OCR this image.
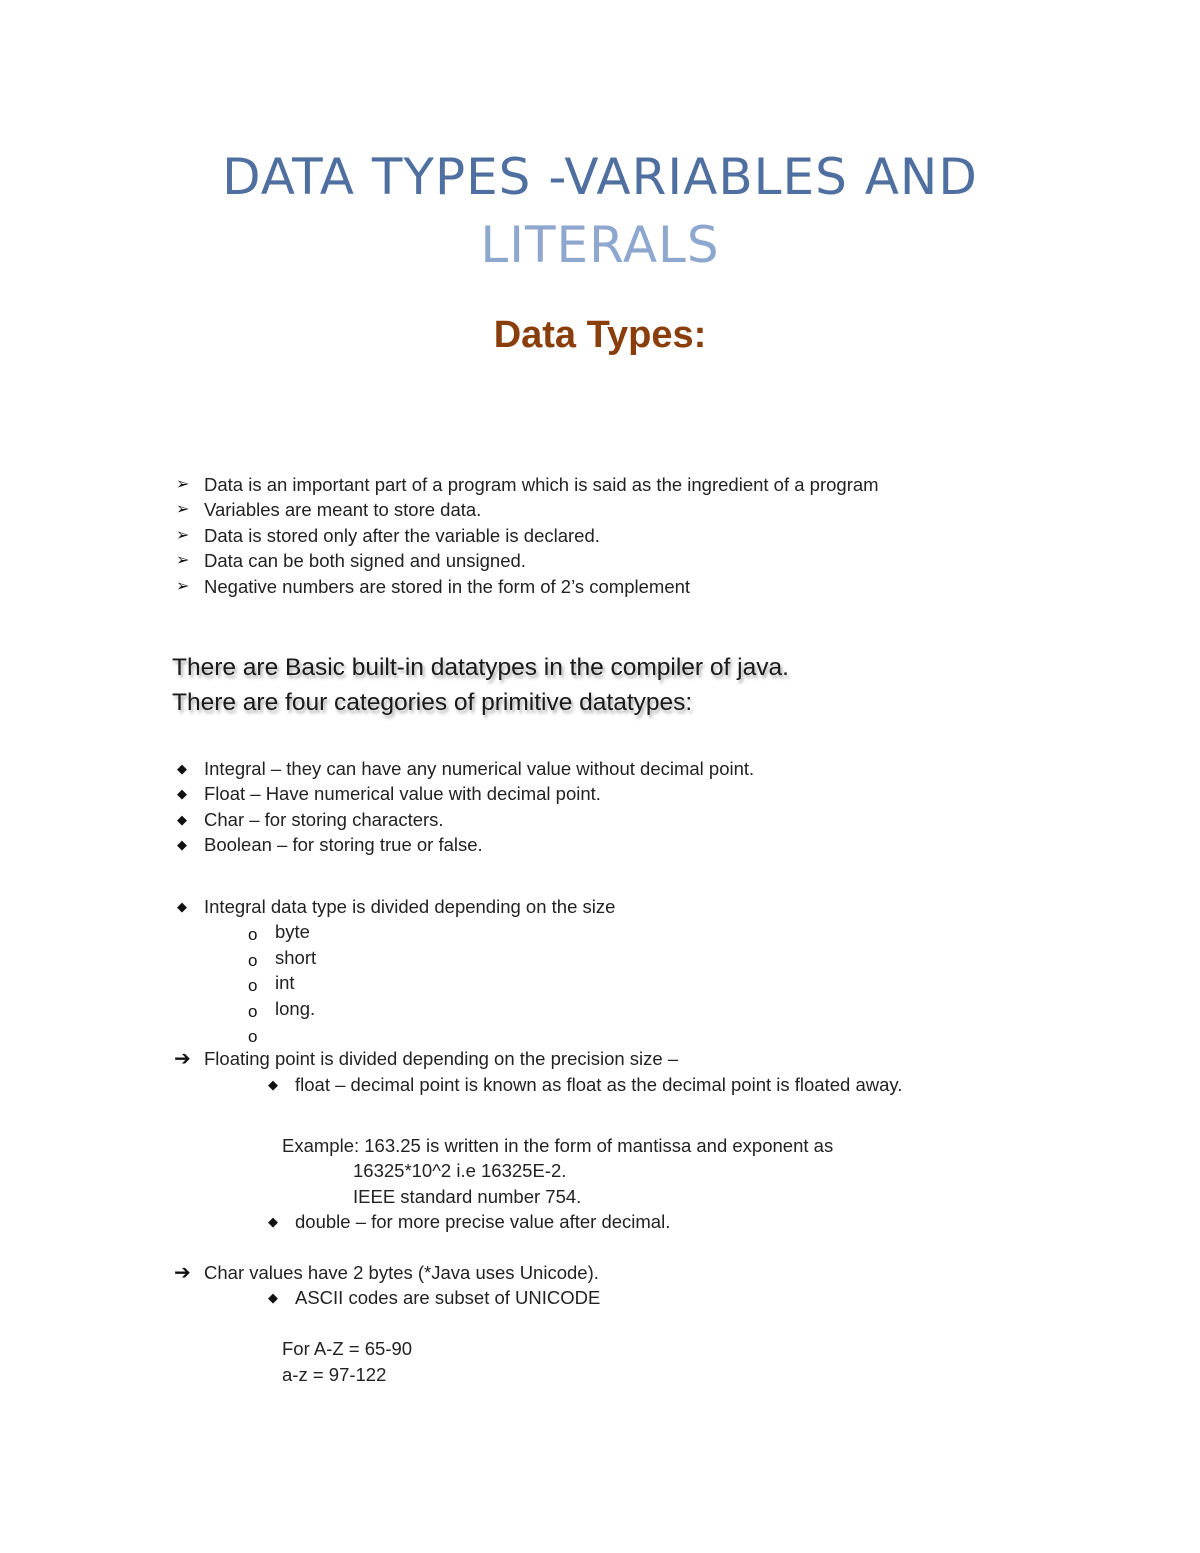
DATA TYPES -VARIABLES AND
LITERALS
Data Types:
➢ Data is an important part of a program which is said as the ingredient of a program
➢ Variables are meant to store data.
➢ Data is stored only after the variable is declared.
➢ Data can be both signed and unsigned.
➢ Negative numbers are stored in the form of 2’s complement
There are Basic built-in datatypes in the compiler of java.
There are four categories of primitive datatypes:
◆ Integral – they can have any numerical value without decimal point.
◆ Float – Have numerical value with decimal point.
◆ Char – for storing characters.
◆ Boolean – for storing true or false.
◆ Integral data type is divided depending on the size
o byte
o short
o int
o long.
o
➔ Floating point is divided depending on the precision size –
◆ float – decimal point is known as float as the decimal point is floated away.
Example: 163.25 is written in the form of mantissa and exponent as
16325*10^2 i.e 16325E-2.
IEEE standard number 754.
◆ double – for more precise value after decimal.
➔ Char values have 2 bytes (*Java uses Unicode).
◆ ASCII codes are subset of UNICODE
For A-Z = 65-90
a-z = 97-122
